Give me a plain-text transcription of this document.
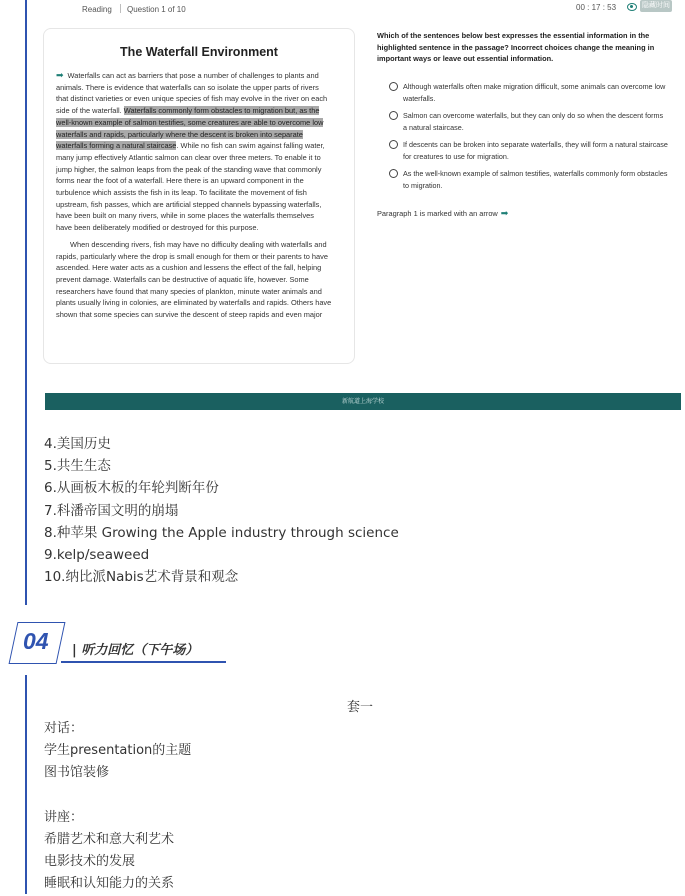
Reading | Question 1 of 10	00 : 17 : 53	隐藏时间
The Waterfall Environment

➡ Waterfalls can act as barriers that pose a number of challenges to plants and animals. There is evidence that waterfalls can so isolate the upper parts of rivers that distinct varieties or even unique species of fish may evolve in the river on each side of the waterfall. Waterfalls commonly form obstacles to migration but, as the well-known example of salmon testifies, some creatures are able to overcome low waterfalls and rapids, particularly where the descent is broken into separate waterfalls forming a natural staircase. While no fish can swim against falling water, many jump effectively Atlantic salmon can clear over three meters. To enable it to jump higher, the salmon leaps from the peak of the standing wave that commonly forms near the foot of a waterfall. Here there is an upward component in the turbulence which assists the fish in its leap. To facilitate the movement of fish upstream, fish passes, which are artificial stepped channels bypassing waterfalls, have been built on many rivers, while in some places the waterfalls themselves have been deliberately modified or destroyed for this purpose.

When descending rivers, fish may have no difficulty dealing with waterfalls and rapids, particularly where the drop is small enough for them or their parents to have ascended. Here water acts as a cushion and lessens the effect of the fall, helping prevent damage. Waterfalls can be destructive of aquatic life, however. Some researchers have found that many species of plankton, minute water animals and plants usually living in colonies, are eliminated by waterfalls and rapids. Others have shown that some species can survive the descent of steep rapids and even major

Which of the sentences below best expresses the essential information in the highlighted sentence in the passage? Incorrect choices change the meaning in important ways or leave out essential information.
Although waterfalls often make migration difficult, some animals can overcome low waterfalls.
Salmon can overcome waterfalls, but they can only do so when the descent forms a natural staircase.
If descents can be broken into separate waterfalls, they will form a natural staircase for creatures to use for migration.
As the well-known example of salmon testifies, waterfalls commonly form obstacles to migration.
Paragraph 1 is marked with an arrow ➡
新航道上海学校
4.美国历史
5.共生生态
6.从画板木板的年轮判断年份
7.科潘帝国文明的崩塌
8.种苹果 Growing the Apple industry through science
9.kelp/seaweed
10.纳比派Nabis艺术背景和观念
04 | 听力回忆（下午场）
套一
对话：
学生presentation的主题
图书馆装修
讲座：
希腊艺术和意大利艺术
电影技术的发展
睡眠和认知能力的关系
